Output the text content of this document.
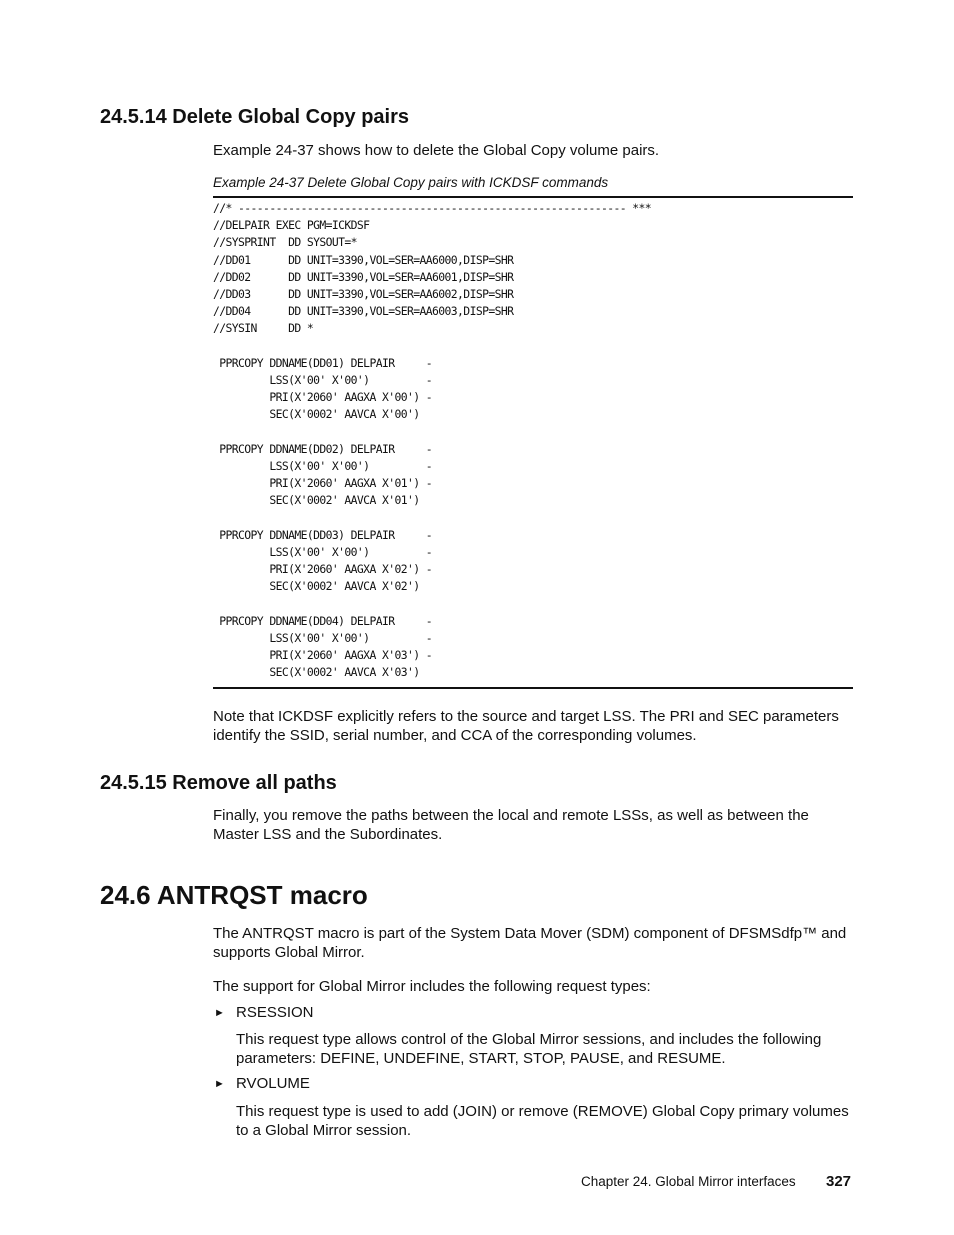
24.5.14 Delete Global Copy pairs
Example 24-37 shows how to delete the Global Copy volume pairs.
Example 24-37 Delete Global Copy pairs with ICKDSF commands
//* -------------------------------------------------------------- ***
//DELPAIR EXEC PGM=ICKDSF
//SYSPRINT  DD SYSOUT=*
//DD01      DD UNIT=3390,VOL=SER=AA6000,DISP=SHR
//DD02      DD UNIT=3390,VOL=SER=AA6001,DISP=SHR
//DD03      DD UNIT=3390,VOL=SER=AA6002,DISP=SHR
//DD04      DD UNIT=3390,VOL=SER=AA6003,DISP=SHR
//SYSIN     DD *
PPRCOPY DDNAME(DD01) DELPAIR     -
LSS(X'00' X'00')         -
PRI(X'2060' AAGXA X'00') -
SEC(X'0002' AAVCA X'00')
PPRCOPY DDNAME(DD02) DELPAIR     -
LSS(X'00' X'00')         -
PRI(X'2060' AAGXA X'01') -
SEC(X'0002' AAVCA X'01')
PPRCOPY DDNAME(DD03) DELPAIR     -
LSS(X'00' X'00')         -
PRI(X'2060' AAGXA X'02') -
SEC(X'0002' AAVCA X'02')
PPRCOPY DDNAME(DD04) DELPAIR     -
LSS(X'00' X'00')         -
PRI(X'2060' AAGXA X'03') -
SEC(X'0002' AAVCA X'03')
Note that ICKDSF explicitly refers to the source and target LSS. The PRI and SEC parameters identify the SSID, serial number, and CCA of the corresponding volumes.
24.5.15 Remove all paths
Finally, you remove the paths between the local and remote LSSs, as well as between the Master LSS and the Subordinates.
24.6 ANTRQST macro
The ANTRQST macro is part of the System Data Mover (SDM) component of DFSMSdfp™ and supports Global Mirror.
The support for Global Mirror includes the following request types:
► RSESSION
This request type allows control of the Global Mirror sessions, and includes the following parameters: DEFINE, UNDEFINE, START, STOP, PAUSE, and RESUME.
► RVOLUME
This request type is used to add (JOIN) or remove (REMOVE) Global Copy primary volumes to a Global Mirror session.
Chapter 24. Global Mirror interfaces 327
